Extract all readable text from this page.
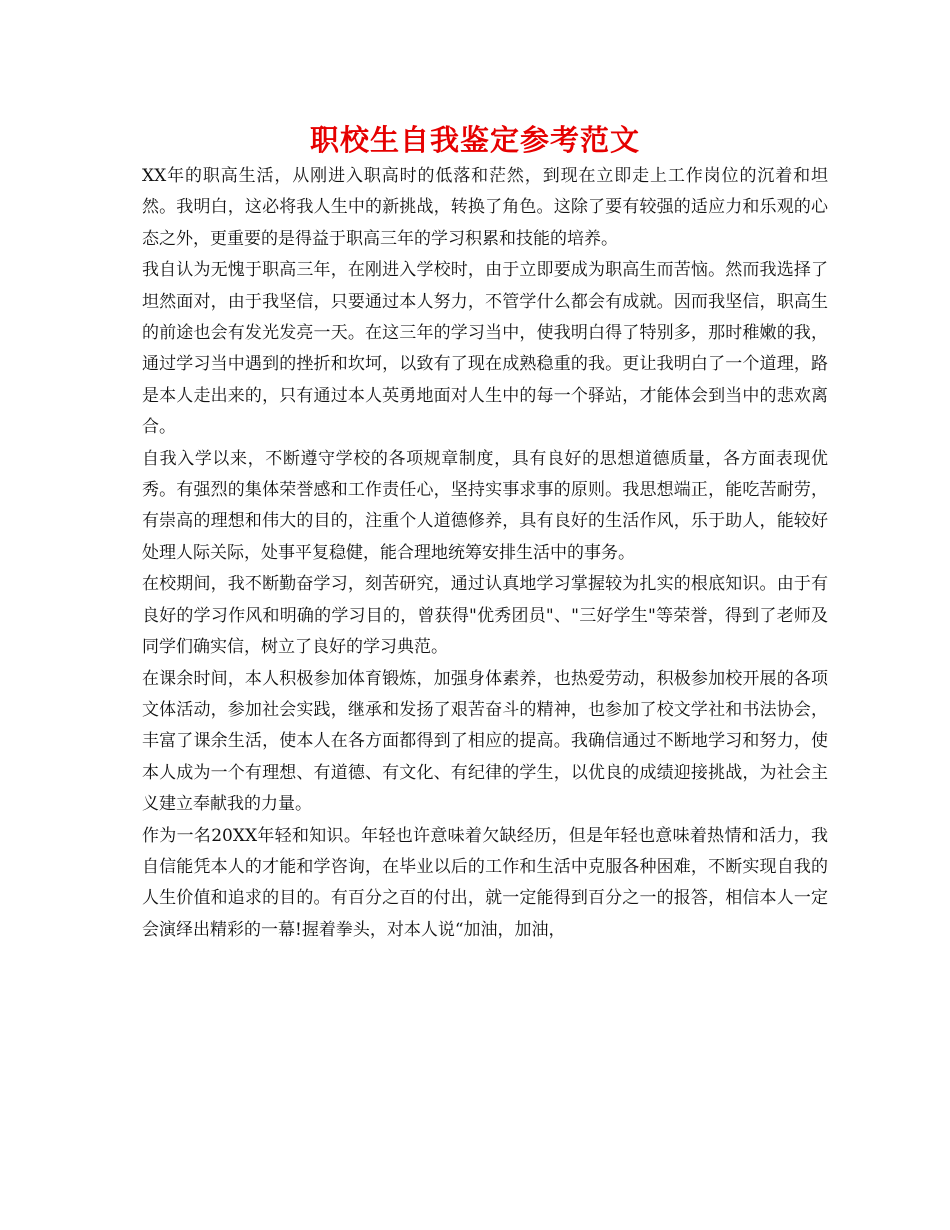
职校生自我鉴定参考范文

XX年的职高生活，从刚进入职高时的低落和茫然，到现在立即走上工作岗位的沉着和坦然。我明白，这必将我人生中的新挑战，转换了角色。这除了要有较强的适应力和乐观的心态之外，更重要的是得益于职高三年的学习积累和技能的培养。

我自认为无愧于职高三年，在刚进入学校时，由于立即要成为职高生而苦恼。然而我选择了坦然面对，由于我坚信，只要通过本人努力，不管学什么都会有成就。因而我坚信，职高生的前途也会有发光发亮一天。在这三年的学习当中，使我明白得了特别多，那时稚嫩的我，通过学习当中遇到的挫折和坎坷，以致有了现在成熟稳重的我。更让我明白了一个道理，路是本人走出来的，只有通过本人英勇地面对人生中的每一个驿站，才能体会到当中的悲欢离合。

自我入学以来，不断遵守学校的各项规章制度，具有良好的思想道德质量，各方面表现优秀。有强烈的集体荣誉感和工作责任心，坚持实事求事的原则。我思想端正，能吃苦耐劳，有崇高的理想和伟大的目的，注重个人道德修养，具有良好的生活作风，乐于助人，能较好处理人际关际，处事平复稳健，能合理地统筹安排生活中的事务。

在校期间，我不断勤奋学习，刻苦研究，通过认真地学习掌握较为扎实的根底知识。由于有良好的学习作风和明确的学习目的，曾获得"优秀团员"、"三好学生"等荣誉，得到了老师及同学们确实信，树立了良好的学习典范。

在课余时间，本人积极参加体育锻炼，加强身体素养，也热爱劳动，积极参加校开展的各项文体活动，参加社会实践，继承和发扬了艰苦奋斗的精神，也参加了校文学社和书法协会，丰富了课余生活，使本人在各方面都得到了相应的提高。我确信通过不断地学习和努力，使本人成为一个有理想、有道德、有文化、有纪律的学生，以优良的成绩迎接挑战，为社会主义建立奉献我的力量。

作为一名20XX年轻和知识。年轻也许意味着欠缺经历，但是年轻也意味着热情和活力，我自信能凭本人的才能和学咨询，在毕业以后的工作和生活中克服各种困难，不断实现自我的人生价值和追求的目的。有百分之百的付出，就一定能得到百分之一的报答，相信本人一定会演绎出精彩的一幕!握着拳头，对本人说“加油，加油，
